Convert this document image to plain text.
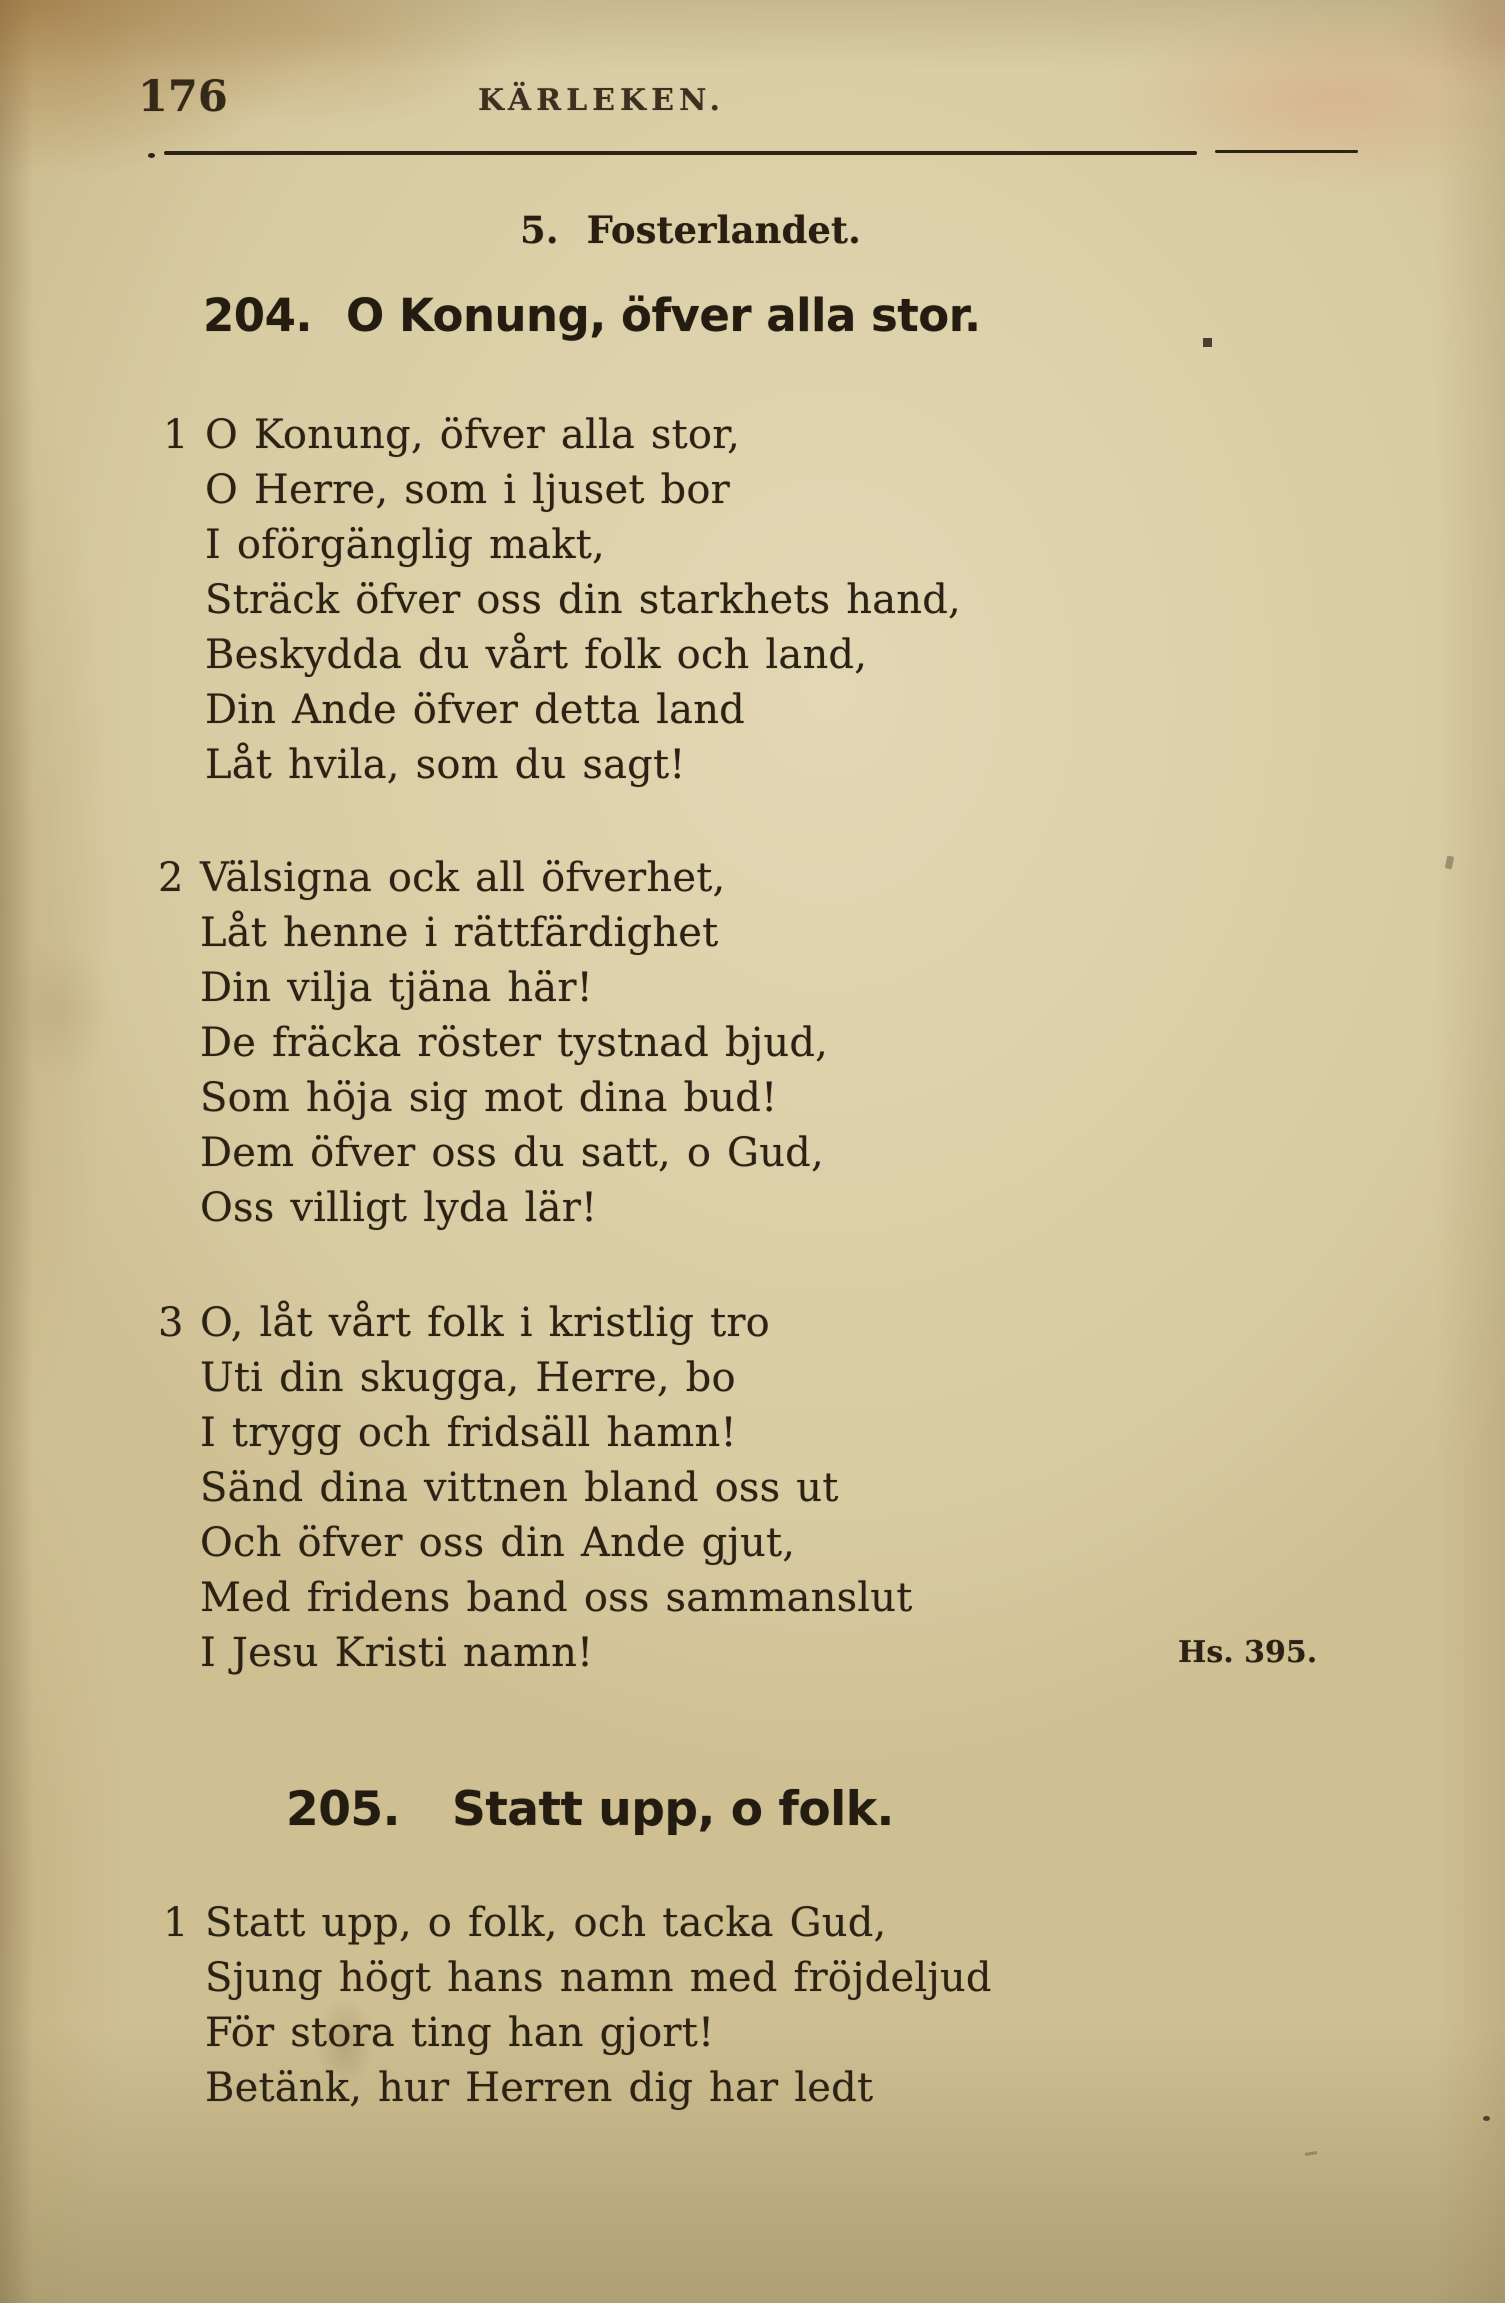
176	KÄRLEKEN.
5. Fosterlandet.
204. O Konung, öfver alla stor.
1 O Konung, öfver alla stor,
O Herre, som i ljuset bor
I oförgänglig makt,
Sträck öfver oss din starkhets hand,
Beskydda du vårt folk och land,
Din Ande öfver detta land
Låt hvila, som du sagt!
2 Välsigna ock all öfverhet,
Låt henne i rättfärdighet
Din vilja tjäna här!
De fräcka röster tystnad bjud,
Som höja sig mot dina bud!
Dem öfver oss du satt, o Gud,
Oss villigt lyda lär!
3 O, låt vårt folk i kristlig tro
Uti din skugga, Herre, bo
I trygg och fridsäll hamn!
Sänd dina vittnen bland oss ut
Och öfver oss din Ande gjut,
Med fridens band oss sammanslut
I Jesu Kristi namn!	Hs. 395.
205. Statt upp, o folk.
1 Statt upp, o folk, och tacka Gud,
Sjung högt hans namn med fröjdeljud
För stora ting han gjort!
Betänk, hur Herren dig har ledt
